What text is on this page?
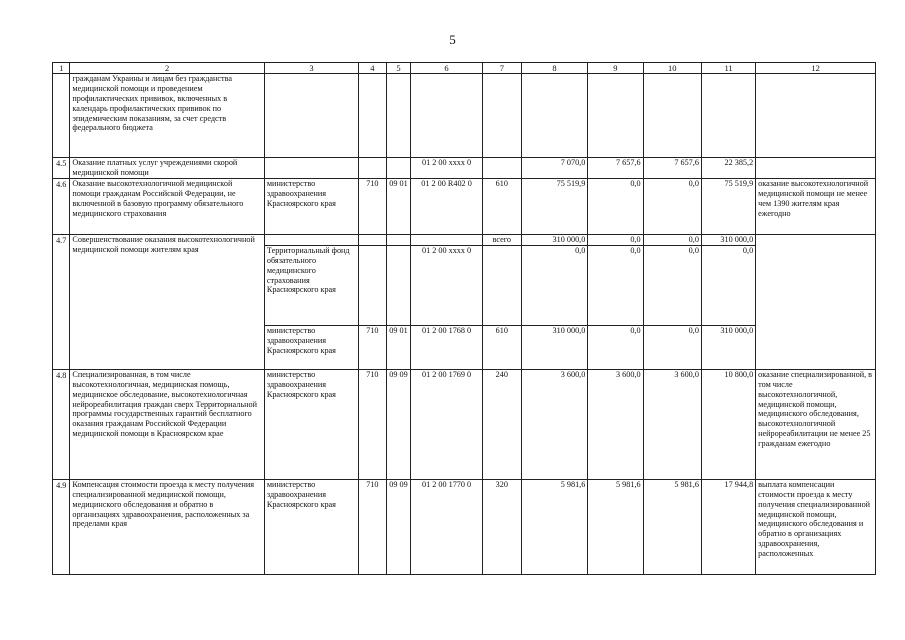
5
1	2	3	4	5	6	7	8	9	10	11	12
	гражданам Украины и лицам без гражданства медицинской помощи и проведением профилактических прививок, включенных в календарь профилактических прививок по эпидемическим показаниям, за счет средств федерального бюджета										
4.5	Оказание платных услуг учреждениями скорой медицинской помощи				01 2 00 xxxx 0		7 070,0	7 657,6	7 657,6	22 385,2	
4.6	Оказание высокотехнологичной медицинской помощи гражданам Российской Федерации, не включенной в базовую программу обязательного медицинского страхования	министерство здравоохранения Красноярского края	710	09 01	01 2 00 R402 0	610	75 519,9	0,0	0,0	75 519,9	оказание высокотехнологичной медицинской помощи не менее чем 1390 жителям края ежегодно
4.7	Совершенствование оказания высокотехнологичной медицинской помощи жителям края					всего	310 000,0	0,0	0,0	310 000,0	
		Территориальный фонд обязательного медицинского страхования Красноярского края			01 2 00 xxxx 0		0,0	0,0	0,0	0,0	
		министерство здравоохранения Красноярского края	710	09 01	01 2 00 1768 0	610	310 000,0	0,0	0,0	310 000,0	
4.8	Специализированная, в том числе высокотехнологичная, медицинская помощь, медицинское обследование, высокотехнологичная нейрореабилитация граждан сверх Территориальной программы государственных гарантий бесплатного оказания гражданам Российской Федерации медицинской помощи в Красноярском крае	министерство здравоохранения Красноярского края	710	09 09	01 2 00 1769 0	240	3 600,0	3 600,0	3 600,0	10 800,0	оказание специализированной, в том числе высокотехнологичной, медицинской помощи, медицинского обследования, высокотехнологичной нейрореабилитации не менее 25 гражданам ежегодно
4.9	Компенсация стоимости проезда к месту получения специализированной медицинской помощи, медицинского обследования и обратно в организациях здравоохранения, расположенных за пределами края	министерство здравоохранения Красноярского края	710	09 09	01 2 00 1770 0	320	5 981,6	5 981,6	5 981,6	17 944,8	выплата компенсации стоимости проезда к месту получения специализированной медицинской помощи, медицинского обследования и обратно в организациях здравоохранения, расположенных
